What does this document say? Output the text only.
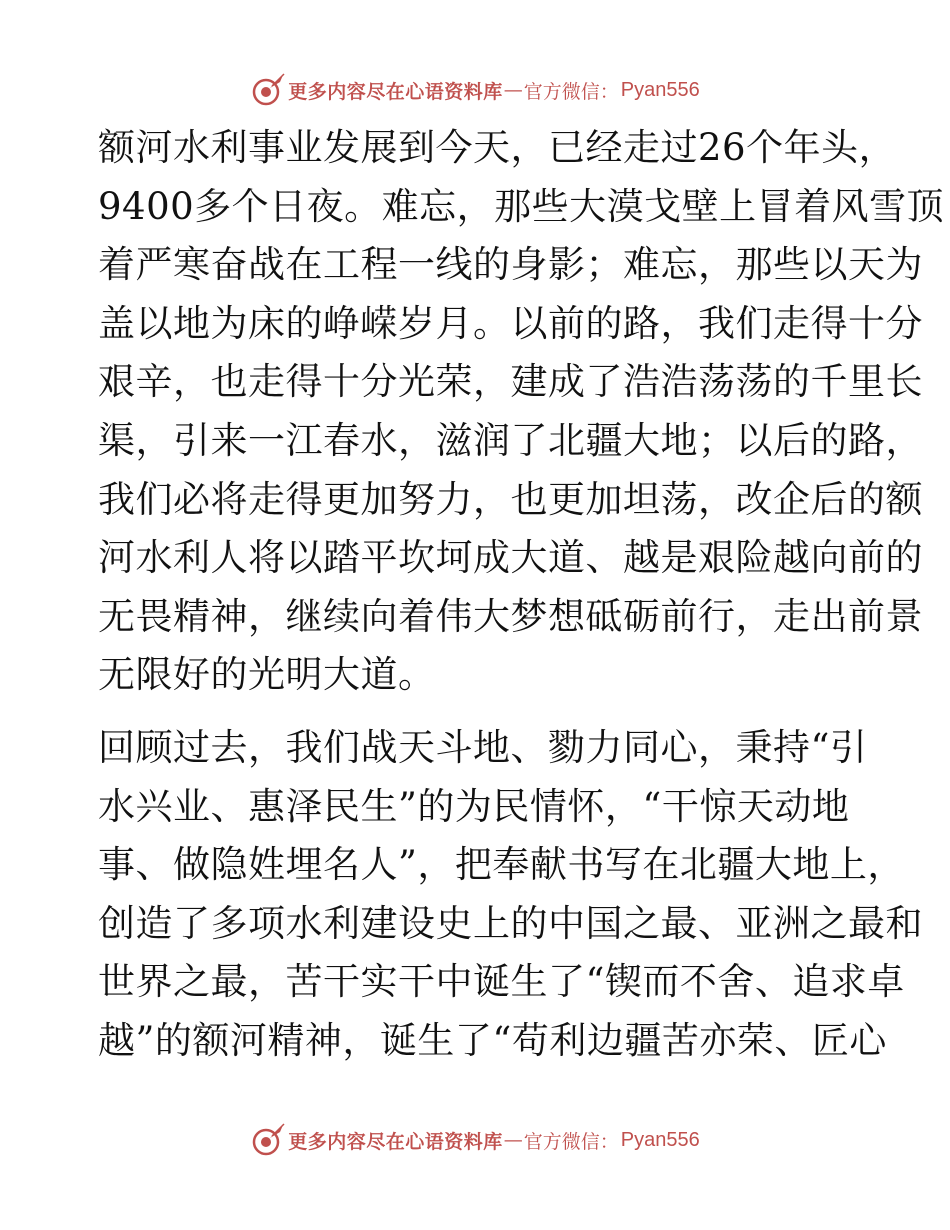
更多内容尽在心语资料库 — 官方微信： Pyan556
额河水利事业发展到今天，已经走过26个年头，
9400多个日夜。难忘，那些大漠戈壁上冒着风雪顶
着严寒奋战在工程一线的身影；难忘，那些以天为
盖以地为床的峥嵘岁月。以前的路，我们走得十分
艰辛，也走得十分光荣，建成了浩浩荡荡的千里长
渠，引来一江春水，滋润了北疆大地；以后的路，
我们必将走得更加努力，也更加坦荡，改企后的额
河水利人将以踏平坎坷成大道、越是艰险越向前的
无畏精神，继续向着伟大梦想砥砺前行，走出前景
无限好的光明大道。
回顾过去，我们战天斗地、勠力同心，秉持“引
水兴业、惠泽民生”的为民情怀，“干惊天动地
事、做隐姓埋名人”，把奉献书写在北疆大地上，
创造了多项水利建设史上的中国之最、亚洲之最和
世界之最，苦干实干中诞生了“锲而不舍、追求卓
越”的额河精神，诞生了“苟利边疆苦亦荣、匠心
更多内容尽在心语资料库 — 官方微信： Pyan556
